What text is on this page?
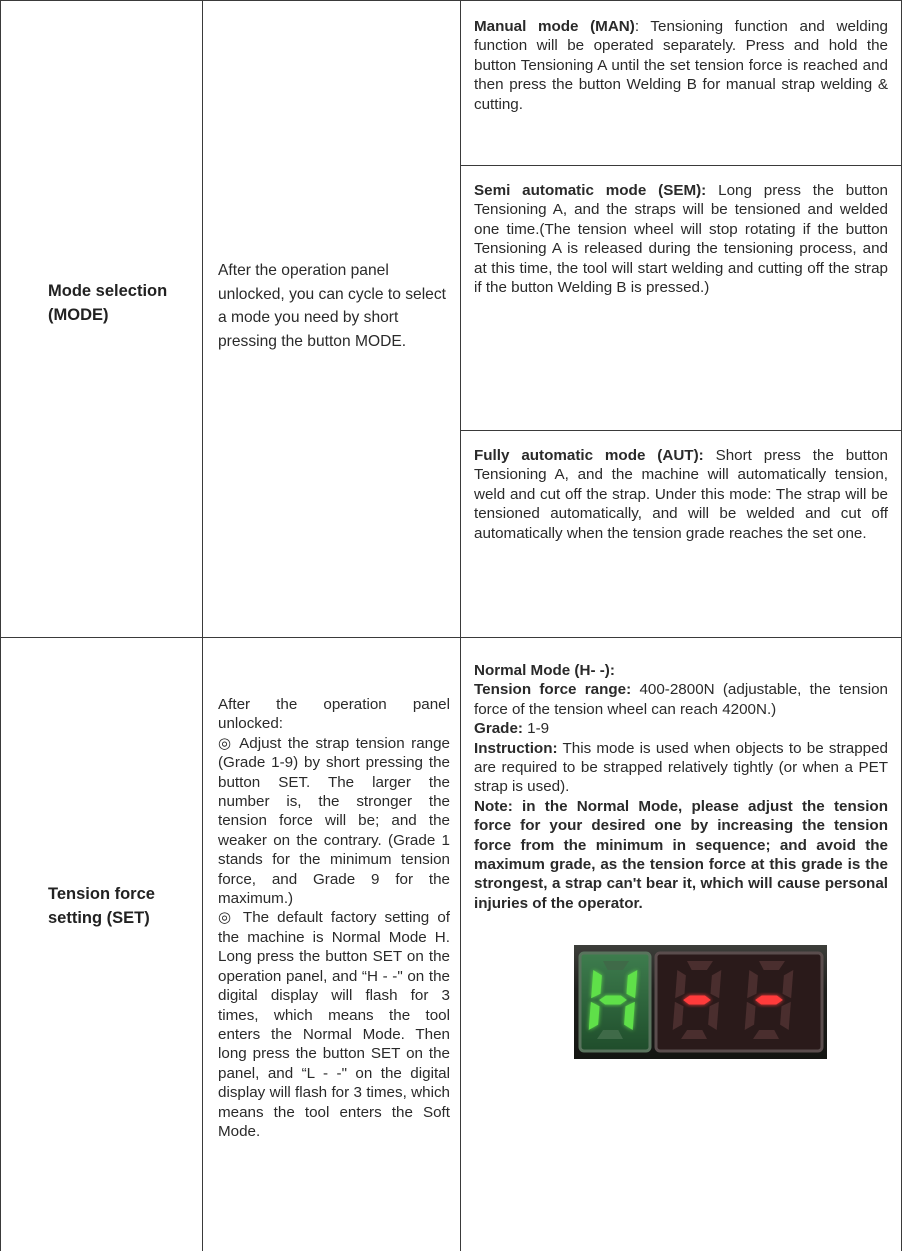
Mode selection (MODE)
After the operation panel unlocked, you can cycle to select a mode you need by short pressing the button MODE.
Manual mode (MAN): Tensioning function and welding function will be operated separately. Press and hold the button Tensioning A until the set tension force is reached and then press the button Welding B for manual strap welding & cutting.
Semi automatic mode (SEM): Long press the button Tensioning A, and the straps will be tensioned and welded one time.(The tension wheel will stop rotating if the button Tensioning A is released during the tensioning process, and at this time, the tool will start welding and cutting off the strap if the button Welding B is pressed.)
Fully automatic mode (AUT): Short press the button Tensioning A, and the machine will automatically tension, weld and cut off the strap. Under this mode: The strap will be tensioned automatically, and will be welded and cut off automatically when the tension grade reaches the set one.
Tension force setting (SET)
After the operation panel unlocked:
◎ Adjust the strap tension range (Grade 1-9) by short pressing the button SET. The larger the number is, the stronger the tension force will be; and the weaker on the contrary. (Grade 1 stands for the minimum tension force, and Grade 9 for the maximum.)
◎ The default factory setting of the machine is Normal Mode H. Long press the button SET on the operation panel, and “H - -" on the digital display will flash for 3 times, which means the tool enters the Normal Mode. Then long press the button SET on the panel, and “L - -" on the digital display will flash for 3 times, which means the tool enters the Soft Mode.
Normal Mode (H- -):
Tension force range: 400-2800N (adjustable, the tension force of the tension wheel can reach 4200N.)
Grade: 1-9
Instruction: This mode is used when objects to be strapped are required to be strapped relatively tightly (or when a PET strap is used).
Note: in the Normal Mode, please adjust the tension force for your desired one by increasing the tension force from the minimum in sequence; and avoid the maximum grade, as the tension force at this grade is the strongest, a strap can't bear it, which will cause personal injuries of the operator.
